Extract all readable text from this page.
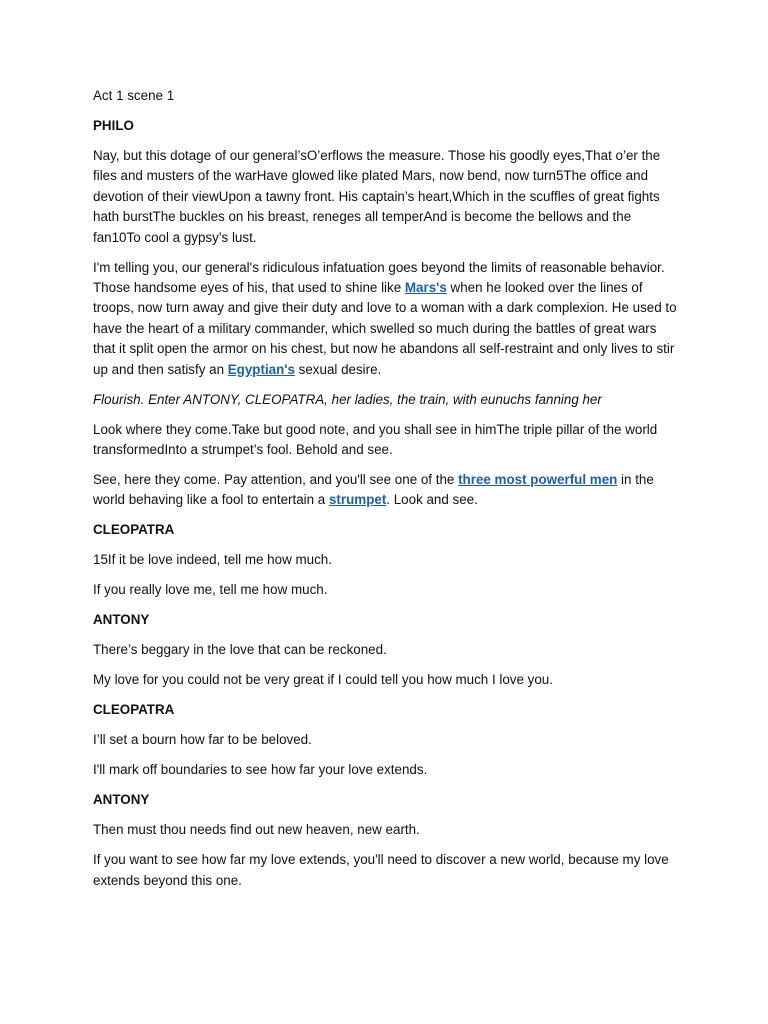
Act 1 scene 1

PHILO

Nay, but this dotage of our general’sO’erflows the measure. Those his goodly eyes,That o’er the files and musters of the warHave glowed like plated Mars, now bend, now turn5The office and devotion of their viewUpon a tawny front. His captain’s heart,Which in the scuffles of great fights hath burstThe buckles on his breast, reneges all temperAnd is become the bellows and the fan10To cool a gypsy’s lust.

I'm telling you, our general's ridiculous infatuation goes beyond the limits of reasonable behavior. Those handsome eyes of his, that used to shine like Mars's when he looked over the lines of troops, now turn away and give their duty and love to a woman with a dark complexion. He used to have the heart of a military commander, which swelled so much during the battles of great wars that it split open the armor on his chest, but now he abandons all self-restraint and only lives to stir up and then satisfy an Egyptian's sexual desire.

Flourish. Enter ANTONY, CLEOPATRA, her ladies, the train, with eunuchs fanning her

Look where they come.Take but good note, and you shall see in himThe triple pillar of the world transformedInto a strumpet’s fool. Behold and see.

See, here they come. Pay attention, and you'll see one of the three most powerful men in the world behaving like a fool to entertain a strumpet. Look and see.

CLEOPATRA

15If it be love indeed, tell me how much.

If you really love me, tell me how much.

ANTONY

There’s beggary in the love that can be reckoned.

My love for you could not be very great if I could tell you how much I love you.

CLEOPATRA

I’ll set a bourn how far to be beloved.

I'll mark off boundaries to see how far your love extends.

ANTONY

Then must thou needs find out new heaven, new earth.

If you want to see how far my love extends, you'll need to discover a new world, because my love extends beyond this one.
